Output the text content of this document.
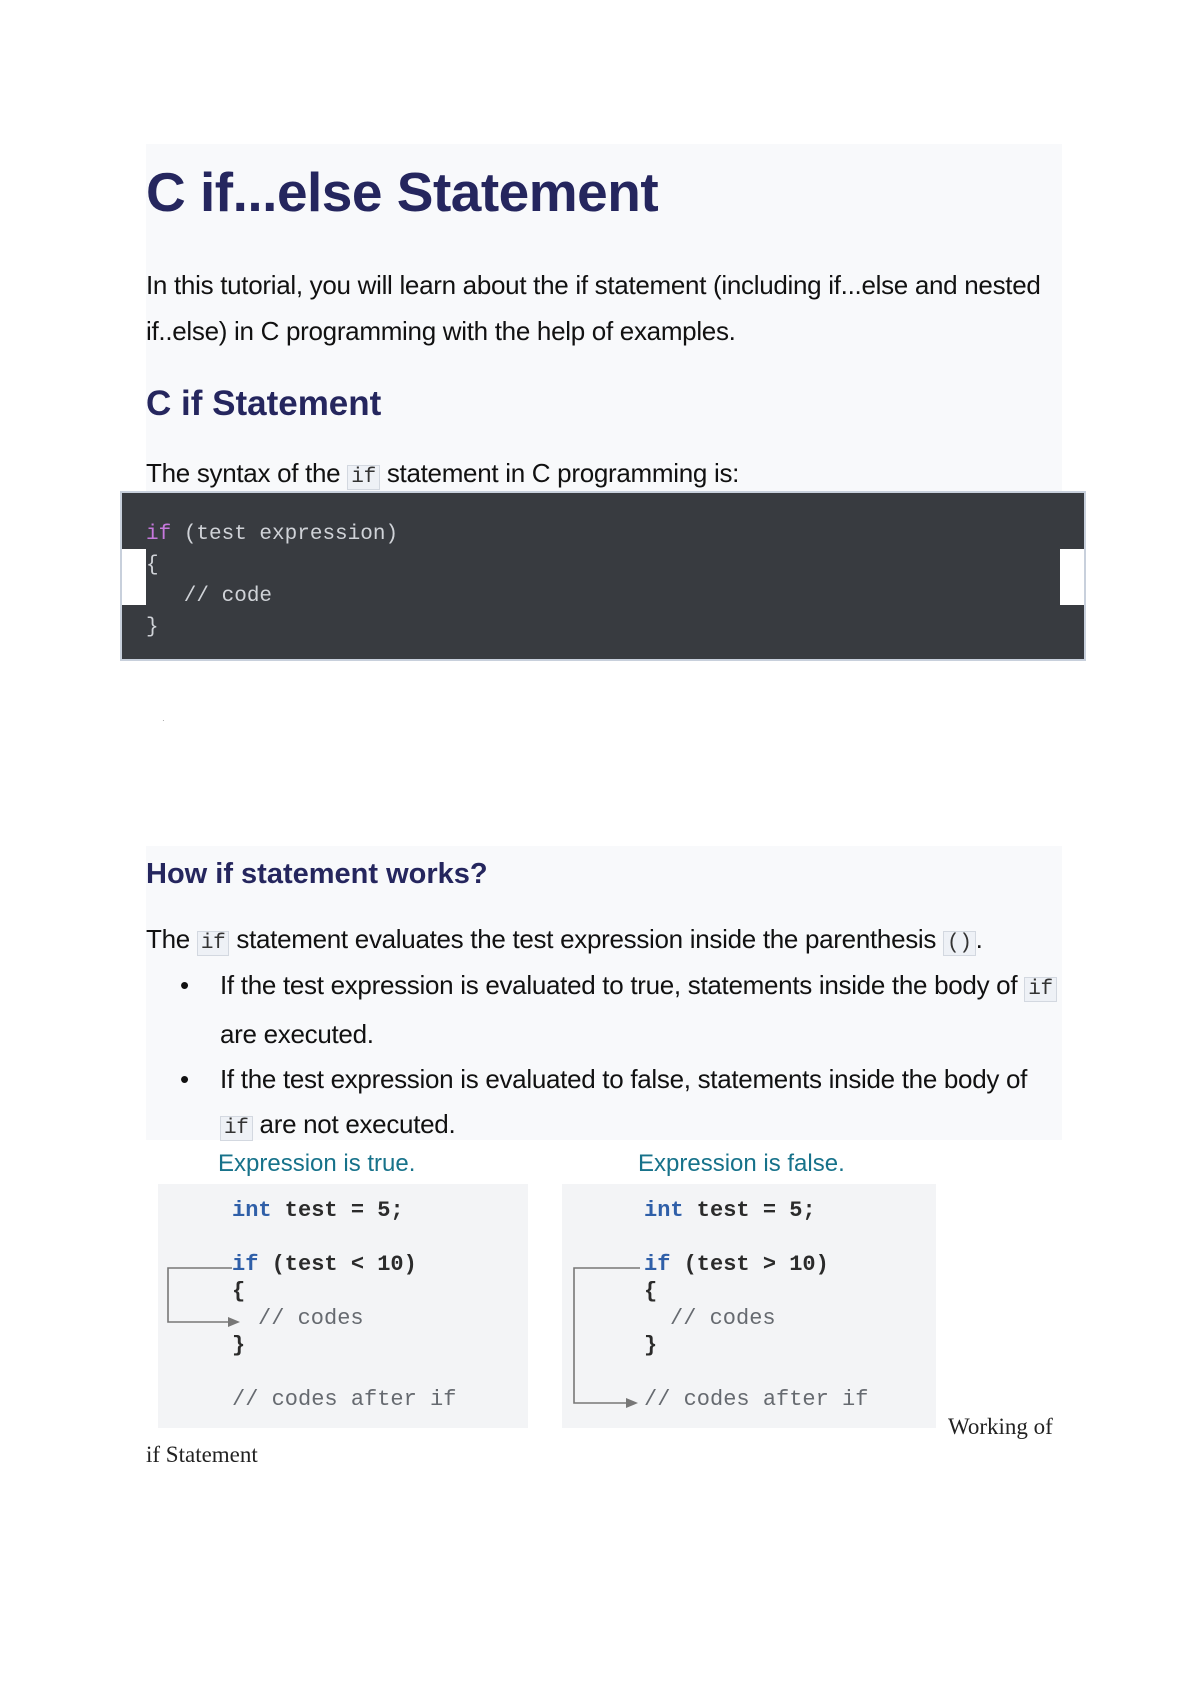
C if...else Statement

In this tutorial, you will learn about the if statement (including if...else and nested if..else) in C programming with the help of examples.

C if Statement

The syntax of the if statement in C programming is:

if (test expression)
{
// code
}
·
How if statement works?

The if statement evaluates the test expression inside the parenthesis () .

• If the test expression is evaluated to true, statements inside the body of if are executed.
• If the test expression is evaluated to false, statements inside the body of if are not executed.
Expression is true.	Expression is false.
int test = 5;
if (test < 10)
{
// codes
}
// codes after if
int test = 5;
if (test > 10)
{
// codes
}
// codes after if
Working of
if Statement
